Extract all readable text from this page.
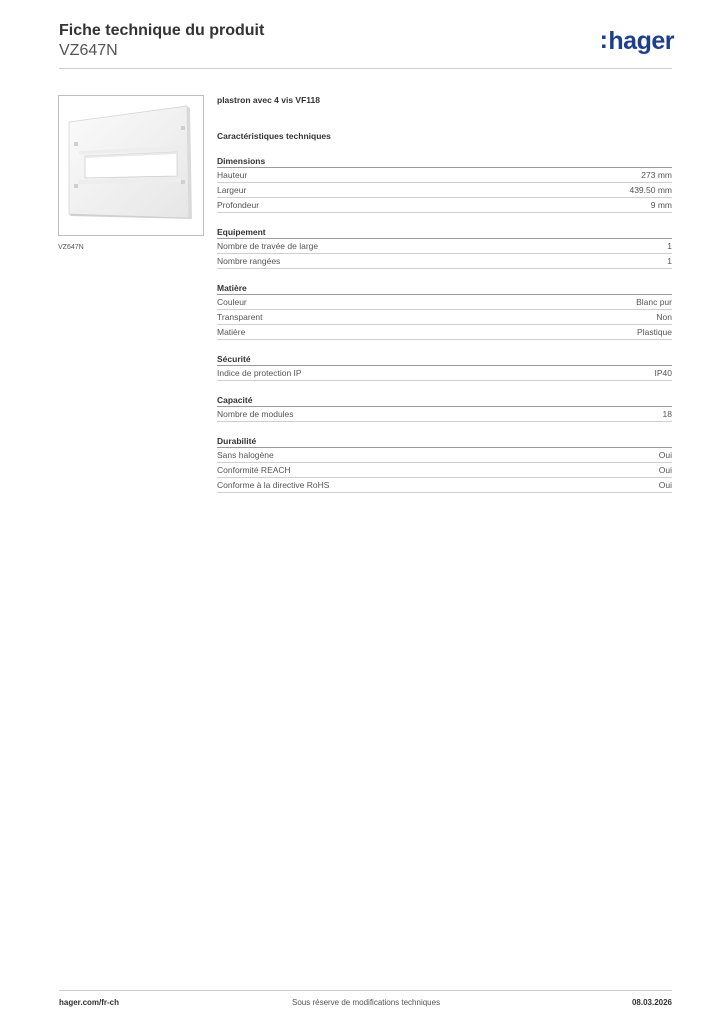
Fiche technique du produit
VZ647N	:hager
VZ647N
plastron avec 4 vis VF118
Caractéristiques techniques
Dimensions
Hauteur	273 mm
Largeur	439.50 mm
Profondeur	9 mm
Equipement
Nombre de travée de large	1
Nombre rangées	1
Matière
Couleur	Blanc pur
Transparent	Non
Matière	Plastique
Sécurité
Indice de protection IP	IP40
Capacité
Nombre de modules	18
Durabilité
Sans halogène	Oui
Conformité REACH	Oui
Conforme à la directive RoHS	Oui
hager.com/fr-ch	Sous réserve de modifications techniques	08.03.2026
